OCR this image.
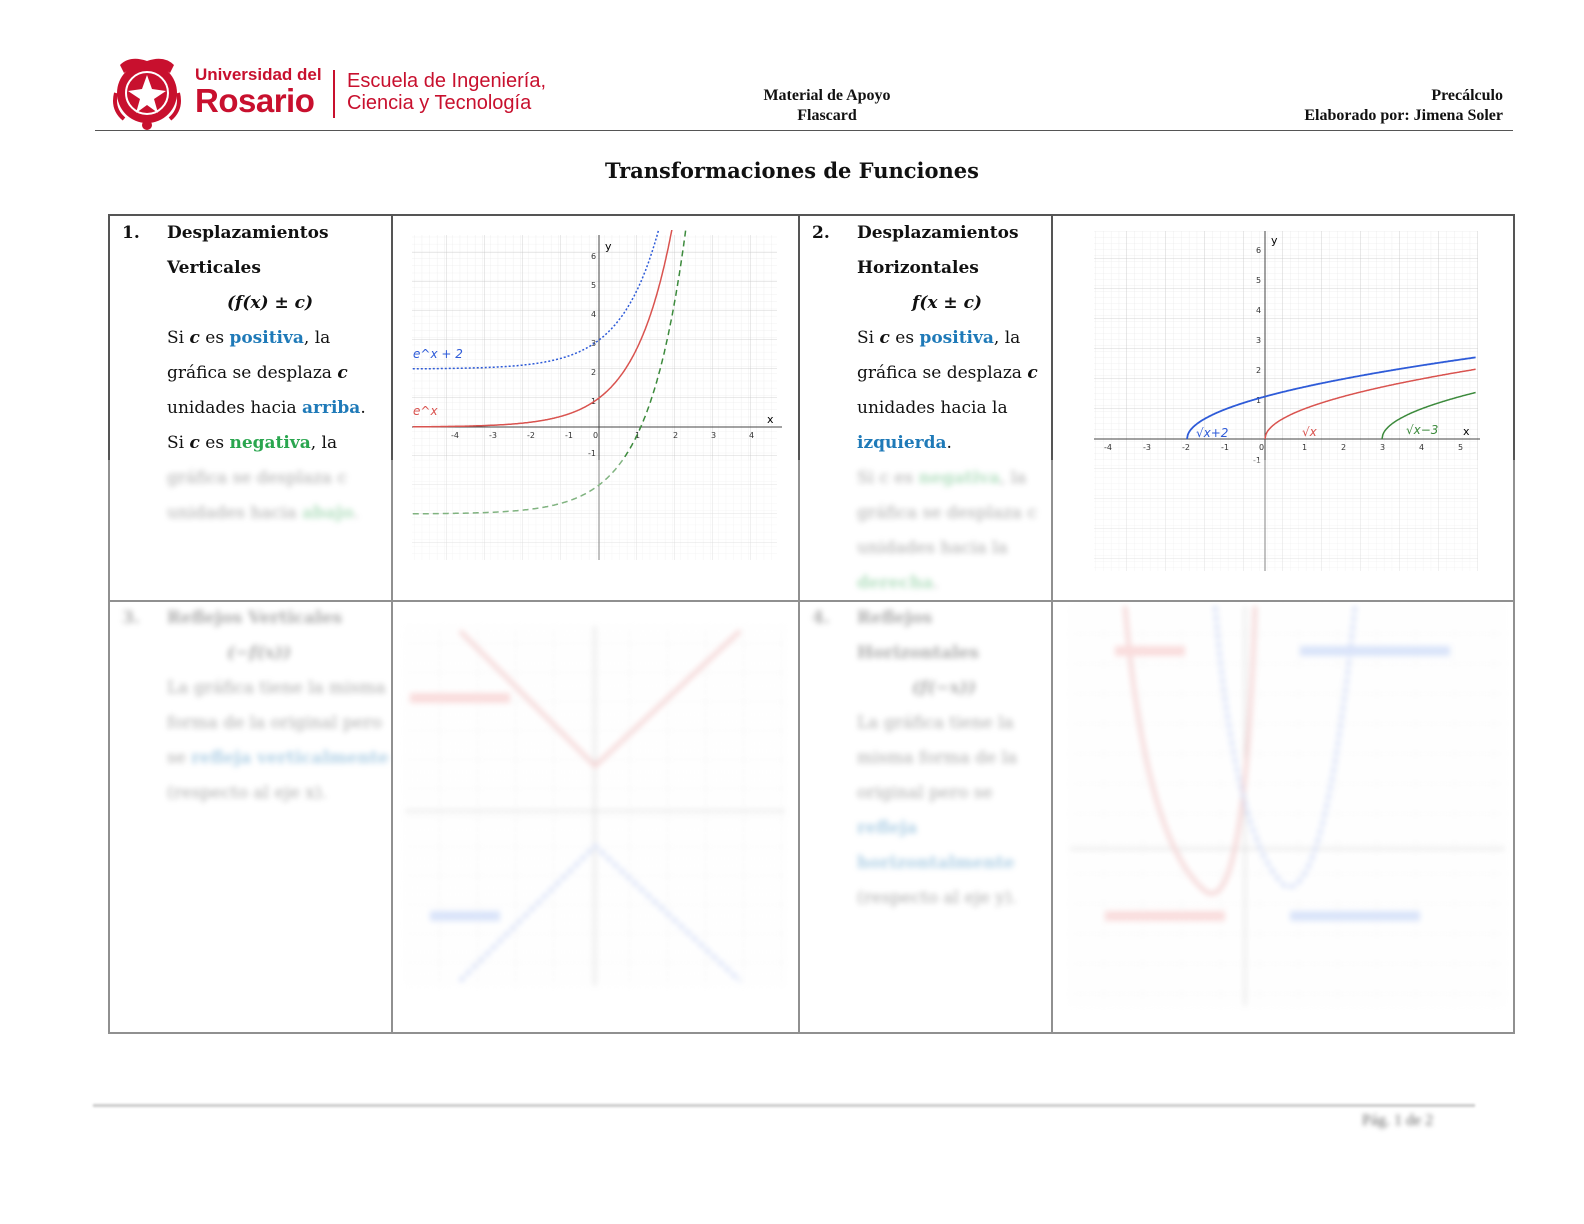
Universidad del
Rosario
Escuela de Ingeniería,
Ciencia y Tecnología	Material de Apoyo
Flascard
Precálculo
Elaborado por: Jimena Soler
Transformaciones de Funciones
1. Desplazamientos

Verticales

(f(x) ± c)

Si c es positiva, la

gráfica se desplaza c

unidades hacia arriba.

Si c es negativa, la

gráfica se desplaza c

unidades hacia abajo.

y
x
-4	-3	-2	-1	0	1	2	3	4
6
5
4
3
2
1
-1
e^x + 2
e^x
2. Desplazamientos

Horizontales

f(x ± c)

Si c es positiva, la

gráfica se desplaza c

unidades hacia la

izquierda.

Si c es negativa, la

gráfica se desplaza c

unidades hacia la

derecha.

y
x
-4	-3	-2	-1	0	1	2	3	4	5
6
5
4
3
2
1
-1
√x+2	√x	√x−3
3. Reflejos Verticales

(−f(x))

La gráfica tiene la misma

forma de la original pero

se refleja verticalmente

(respecto al eje x).

4. Reflejos

Horizontales

(f(−x))

La gráfica tiene la

misma forma de la

original pero se

refleja

horizontalmente

(respecto al eje y).

Pág. 1 de 2
